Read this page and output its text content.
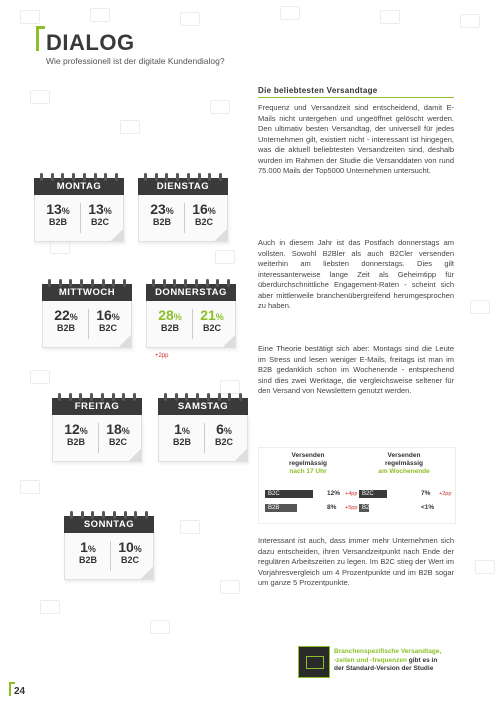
DIALOG
Wie professionell ist der digitale Kundendialog?
MONTAG
13%
B2B
13%
B2C
DIENSTAG
23%
B2B
16%
B2C
MITTWOCH
22%
B2B
16%
B2C
DONNERSTAG
28%
B2B
21%
B2C
+2pp
FREITAG
12%
B2B
18%
B2C
SAMSTAG
1%
B2B
6%
B2C
SONNTAG
1%
B2B
10%
B2C
Die beliebtesten Versandtage
Frequenz und Versandzeit sind entscheidend, damit E-Mails nicht untergehen und ungeöffnet gelöscht werden. Den ultimativ besten Versandtag, der universell für jedes Unternehmen gilt, existiert nicht - interessant ist hingegen, was die aktuell beliebtesten Versandzeiten sind, deshalb wurden im Rahmen der Studie die Versanddaten von rund 75.000 Mails der Top5000 Unternehmen untersucht.
Auch in diesem Jahr ist das Postfach donnerstags am vollsten. Sowohl B2Bler als auch B2Cler versenden weiterhin am liebsten donnerstags. Dies gilt interessanterweise lange Zeit als Geheimtipp für überdurchschnittliche Engagement-Raten - scheint sich aber mittlerweile branchenübergreifend herumgesprochen zu haben.
Eine Theorie bestätigt sich aber: Montags sind die Leute im Stress und lesen weniger E-Mails, freitags ist man im B2B gedanklich schon im Wochenende - entsprechend sind dies zwei Werktage, die vergleichsweise seltener für den Versand von Newslettern genutzt werden.
Versenden
regelmässig
nach 17 Uhr
Versenden
regelmässig
am Wochenende
B2C	12% +4pp
B2B	8% +5pp
B2C	7% +2pp
B2B	<1%
Interessant ist auch, dass immer mehr Unternehmen sich dazu entscheiden, ihren Versandzeitpunkt nach Ende der regulären Arbeitszeiten zu legen. Im B2C stieg der Wert im Vorjahresvergleich um 4 Prozentpunkte und im B2B sogar um ganze 5 Prozentpunkte.
Branchenspezifische Versandtage,
-zeiten und -frequenzen gibt es in
der Standard-Version der Studie
24
